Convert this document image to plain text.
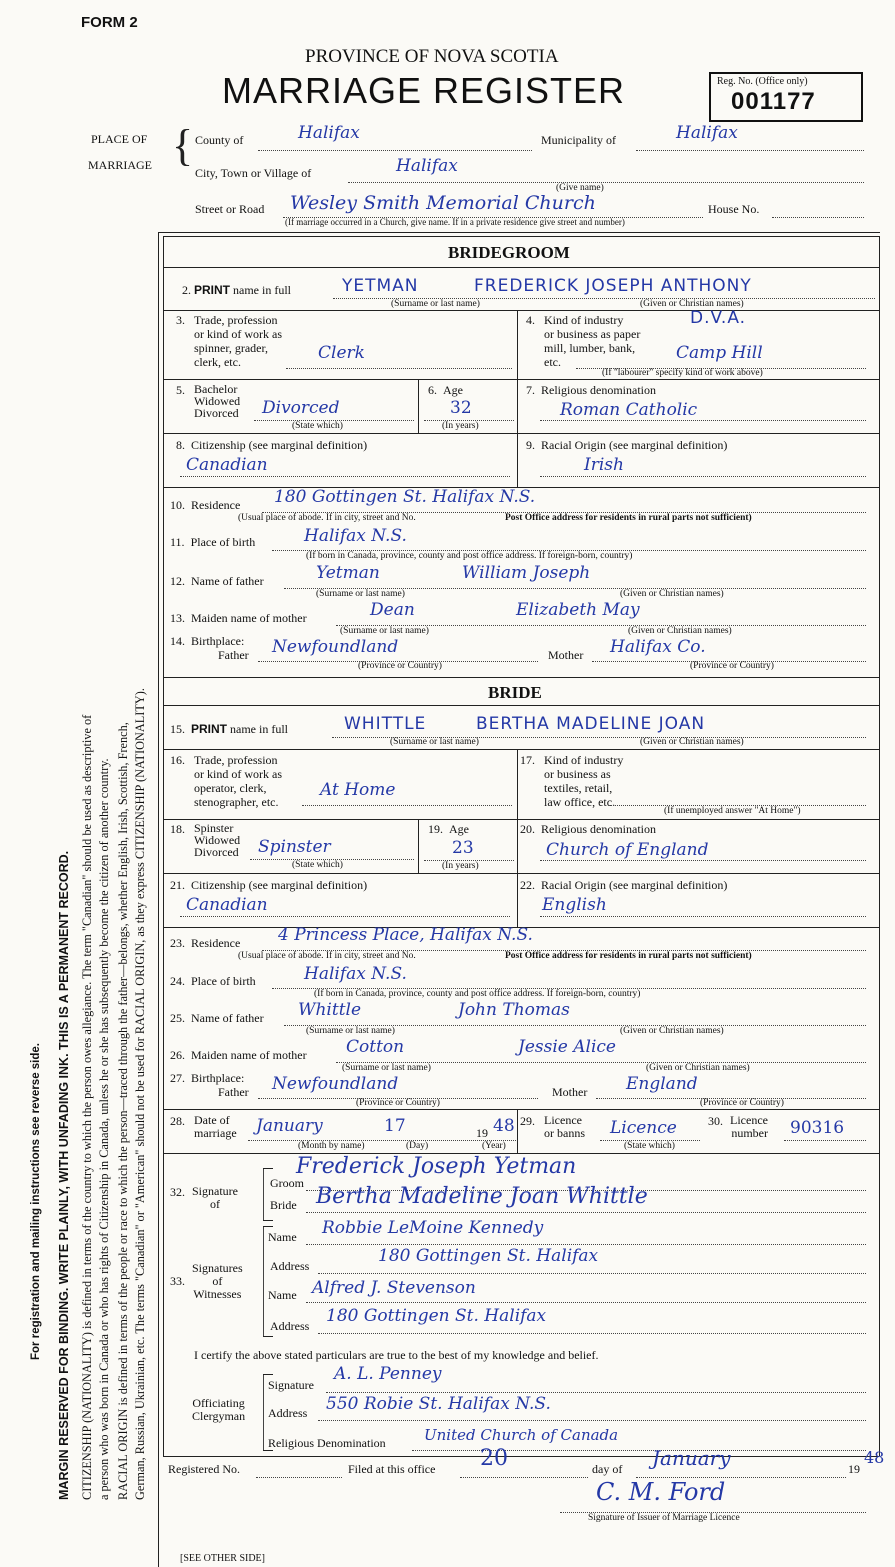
FORM 2
PROVINCE OF NOVA SCOTIA
MARRIAGE REGISTER	Reg. No. (Office only)
001177
PLACE OF
MARRIAGE { County of	Halifax	Municipality of	Halifax
City, Town or Village of	Halifax
(Give name)
Street or Road Wesley Smith Memorial Church	House No.
(If marriage occurred in a Church, give name. If in a private residence give street and number)
For registration and mailing instructions see reverse side. MARGIN RESERVED FOR BINDING. WRITE PLAINLY, WITH UNFADING INK. THIS IS A PERMANENT RECORD. CITIZENSHIP (NATIONALITY) is defined in terms of the country to which the person owes allegiance. The term "Canadian" should be used as descriptive of a person who was born in Canada or who has rights of Citizenship in Canada, unless he or she has subsequently become the citizen of another country. RACIAL ORIGIN is defined in terms of the people or race to which the person—traced through the father—belongs, whether English, Irish, Scottish, French, German, Russian, Ukrainian, etc. The terms "Canadian" or "American" should not be used for RACIAL ORIGIN, as they express CITIZENSHIP (NATIONALITY).
BRIDEGROOM
2. PRINT name in full	YETMAN	FREDERICK JOSEPH ANTHONY
(Surname or last name)	(Given or Christian names)
3. Trade, profession
or kind of work as
spinner, grader,
clerk, etc.	Clerk
4. Kind of industry
or business as paper
mill, lumber, bank,
etc.
D.V.A.
Camp Hill
(If "labourer" specify kind of work above)
5. Bachelor
Widowed
Divorced Divorced
(State which)
6. Age
32
(In years)
7. Religious denomination
Roman Catholic
8. Citizenship (see marginal definition)
Canadian
9. Racial Origin (see marginal definition)
Irish
10. Residence 180 Gottingen St. Halifax N.S.
(Usual place of abode. If in city, street and No.	Post Office address for residents in rural parts not sufficient)
11. Place of birth	Halifax N.S.
(If born in Canada, province, county and post office address. If foreign-born, country)
12. Name of father	Yetman	William Joseph
(Surname or last name)	(Given or Christian names)
13. Maiden name of mother	Dean	Elizabeth May
(Surname or last name)	(Given or Christian names)
14. Birthplace:
Father Newfoundland
(Province or Country)
Mother Halifax Co.
(Province or Country)
BRIDE
15. PRINT name in full	WHITTLE	BERTHA MADELINE JOAN
(Surname or last name)	(Given or Christian names)
16. Trade, profession
or kind of work as
operator, clerk,
stenographer, etc.
At Home
17. Kind of industry
or business as
textiles, retail,
law office, etc.
(If unemployed answer "At Home")
18. Spinster
Widowed
Divorced Spinster
(State which)
19. Age
23
(In years)
20. Religious denomination
Church of England
21. Citizenship (see marginal definition)
Canadian
22. Racial Origin (see marginal definition)
English
23. Residence 4 Princess Place, Halifax N.S.
(Usual place of abode. If in city, street and No.	Post Office address for residents in rural parts not sufficient)
24. Place of birth	Halifax N.S.
(If born in Canada, province, county and post office address. If foreign-born, country)
25. Name of father Whittle	John Thomas
(Surname or last name)	(Given or Christian names)
26. Maiden name of mother Cotton	Jessie Alice
(Surname or last name)	(Given or Christian names)
27. Birthplace:
Father Newfoundland
(Province or Country)
Mother England
(Province or Country)
28. Date of
marriage January	17	19 48
(Month by name)	(Day)	(Year)
29. Licence
or banns Licence
(State which)
30. Licence
number 90316
32. Signature
of
Groom
Frederick Joseph Yetman
Bride Bertha Madeline Joan Whittle
33.
Signatures
of
Witnesses
Name Robbie LeMoine Kennedy
Address	180 Gottingen St. Halifax
Name Alfred J. Stevenson
Address 180 Gottingen St. Halifax
I certify the above stated particulars are true to the best of my knowledge and belief.
Officiating
Clergyman
Signature
A. L. Penney
Address 550 Robie St. Halifax N.S.
Religious Denomination	United Church of Canada
Registered No.	Filed at this office 20	day of January	19
48
C. M. Ford
Signature of Issuer of Marriage Licence
[SEE OTHER SIDE]
